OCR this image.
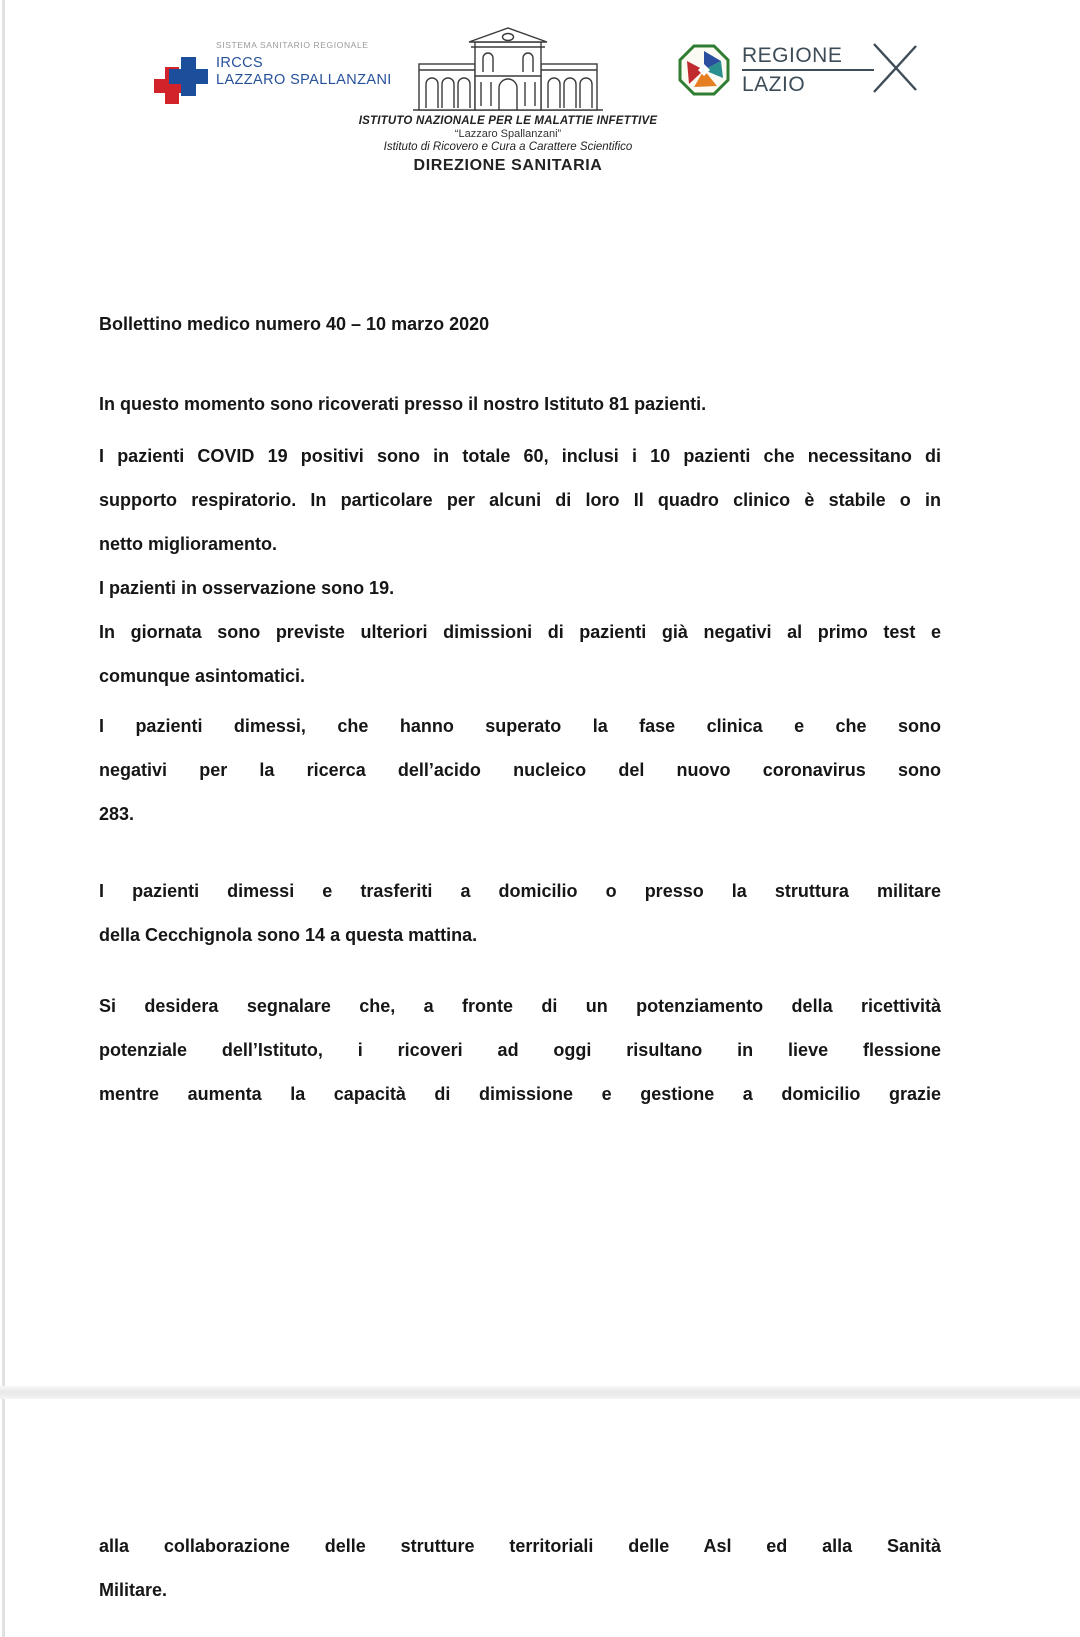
SISTEMA SANITARIO REGIONALE
IRCCS
LAZZARO SPALLANZANI
ISTITUTO NAZIONALE PER LE MALATTIE INFETTIVE
“Lazzaro Spallanzani”
Istituto di Ricovero e Cura a Carattere Scientifico
DIREZIONE SANITARIA
REGIONE
LAZIO

Bollettino medico numero 40 – 10 marzo 2020

In questo momento sono ricoverati presso il nostro Istituto 81 pazienti.
I pazienti COVID 19 positivi sono in totale 60, inclusi i 10 pazienti che necessitano di
supporto respiratorio. In particolare per alcuni di loro Il quadro clinico è stabile o in
netto miglioramento.
I pazienti in osservazione sono 19.
In giornata sono previste ulteriori dimissioni di pazienti già negativi al primo test e
comunque asintomatici.
I pazienti dimessi, che hanno superato la fase clinica e che sono
negativi per la ricerca dell’acido nucleico del nuovo coronavirus sono
283.
I pazienti dimessi e trasferiti a domicilio o presso la struttura militare
della Cecchignola sono 14 a questa mattina.
Si desidera segnalare che, a fronte di un potenziamento della ricettività
potenziale dell’Istituto, i ricoveri ad oggi risultano in lieve flessione
mentre aumenta la capacità di dimissione e gestione a domicilio grazie
alla collaborazione delle strutture territoriali delle Asl ed alla Sanità
Militare.
